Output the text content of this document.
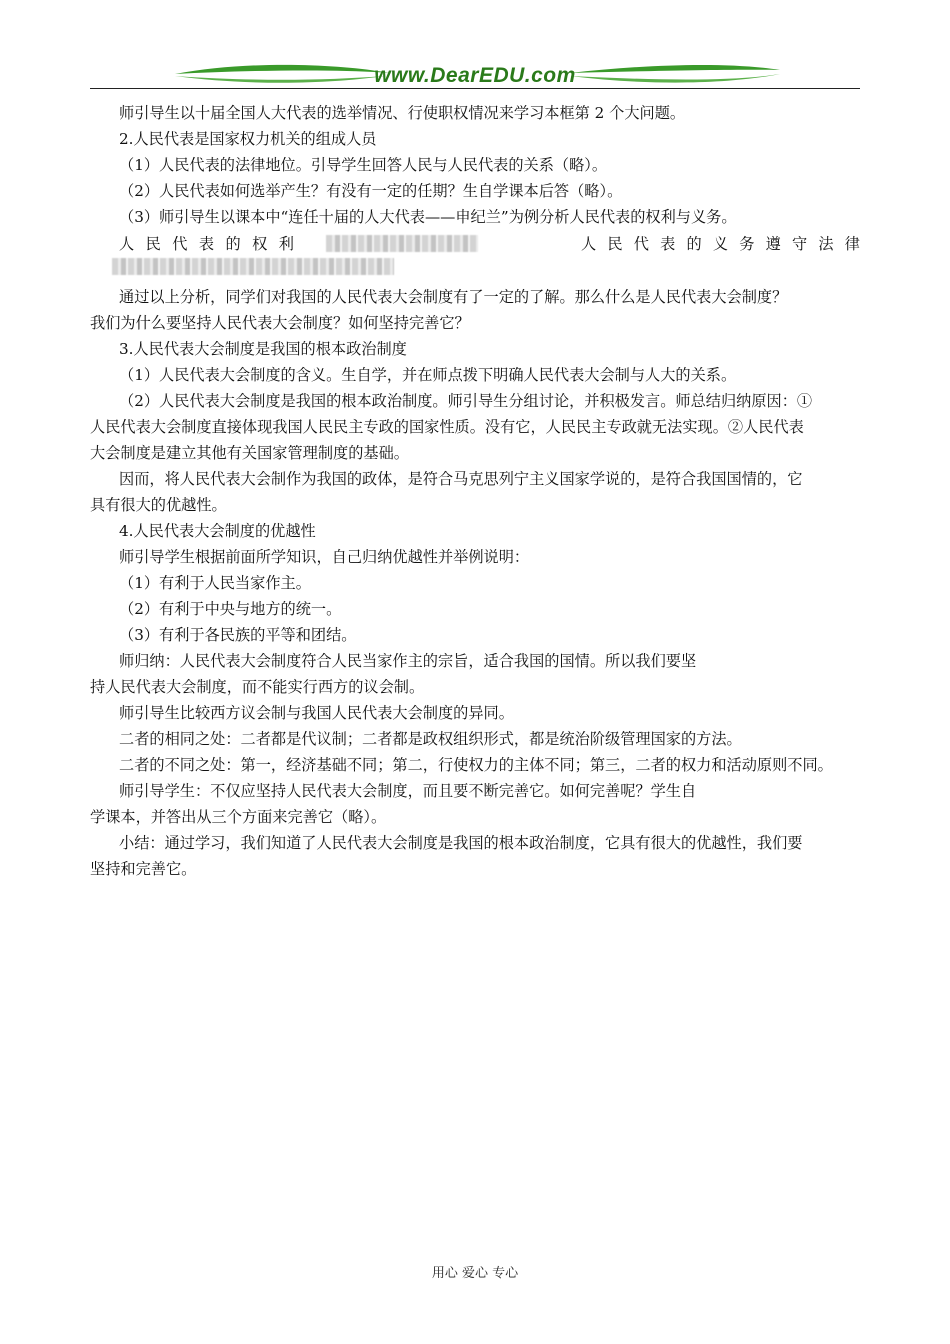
www.DearEDU.com
师引导生以十届全国人大代表的选举情况、行使职权情况来学习本框第 2 个大问题。
2.人民代表是国家权力机关的组成人员
（1）人民代表的法律地位。引导学生回答人民与人民代表的关系（略）。
（2）人民代表如何选举产生？有没有一定的任期？生自学课本后答（略）。
（3）师引导生以课本中“连任十届的人大代表——申纪兰”为例分析人民代表的权利与义务。
人 民 代 表 的 权 利	人 民 代 表 的 义 务 遵 守 法 律
通过以上分析，同学们对我国的人民代表大会制度有了一定的了解。那么什么是人民代表大会制度？
我们为什么要坚持人民代表大会制度？如何坚持完善它？
3.人民代表大会制度是我国的根本政治制度
（1）人民代表大会制度的含义。生自学，并在师点拨下明确人民代表大会制与人大的关系。
（2）人民代表大会制度是我国的根本政治制度。师引导生分组讨论，并积极发言。师总结归纳原因：①
人民代表大会制度直接体现我国人民民主专政的国家性质。没有它，人民民主专政就无法实现。②人民代表
大会制度是建立其他有关国家管理制度的基础。
因而，将人民代表大会制作为我国的政体，是符合马克思列宁主义国家学说的，是符合我国国情的，它
具有很大的优越性。
4.人民代表大会制度的优越性
师引导学生根据前面所学知识，自己归纳优越性并举例说明：
（1）有利于人民当家作主。
（2）有利于中央与地方的统一。
（3）有利于各民族的平等和团结。
师归纳：人民代表大会制度符合人民当家作主的宗旨，适合我国的国情。所以我们要坚
持人民代表大会制度，而不能实行西方的议会制。
师引导生比较西方议会制与我国人民代表大会制度的异同。
二者的相同之处：二者都是代议制；二者都是政权组织形式，都是统治阶级管理国家的方法。
二者的不同之处：第一，经济基础不同；第二，行使权力的主体不同；第三，二者的权力和活动原则不同。
师引导学生：不仅应坚持人民代表大会制度，而且要不断完善它。如何完善呢？学生自
学课本，并答出从三个方面来完善它（略）。
小结：通过学习，我们知道了人民代表大会制度是我国的根本政治制度，它具有很大的优越性，我们要
坚持和完善它。
用心 爱心 专心
